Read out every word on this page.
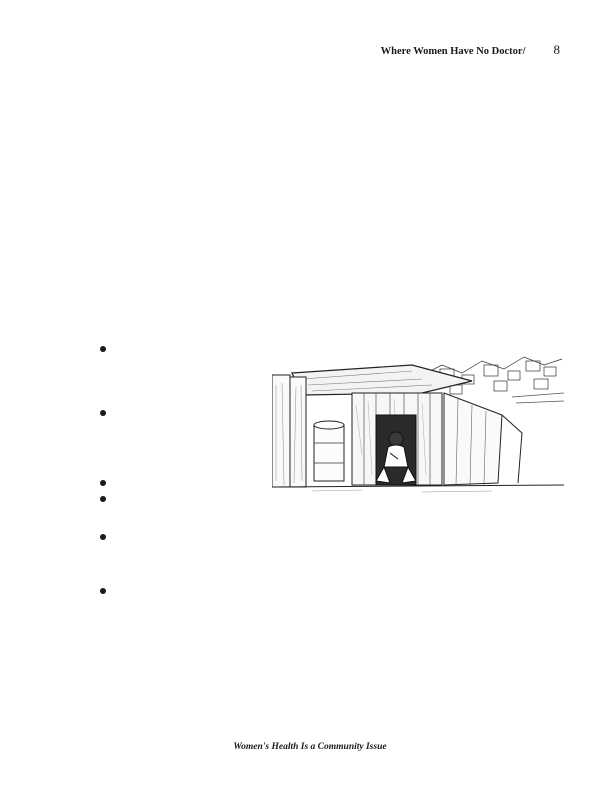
Where Women Have No Doctor/ 8
Women's Health Is a Community Issue
